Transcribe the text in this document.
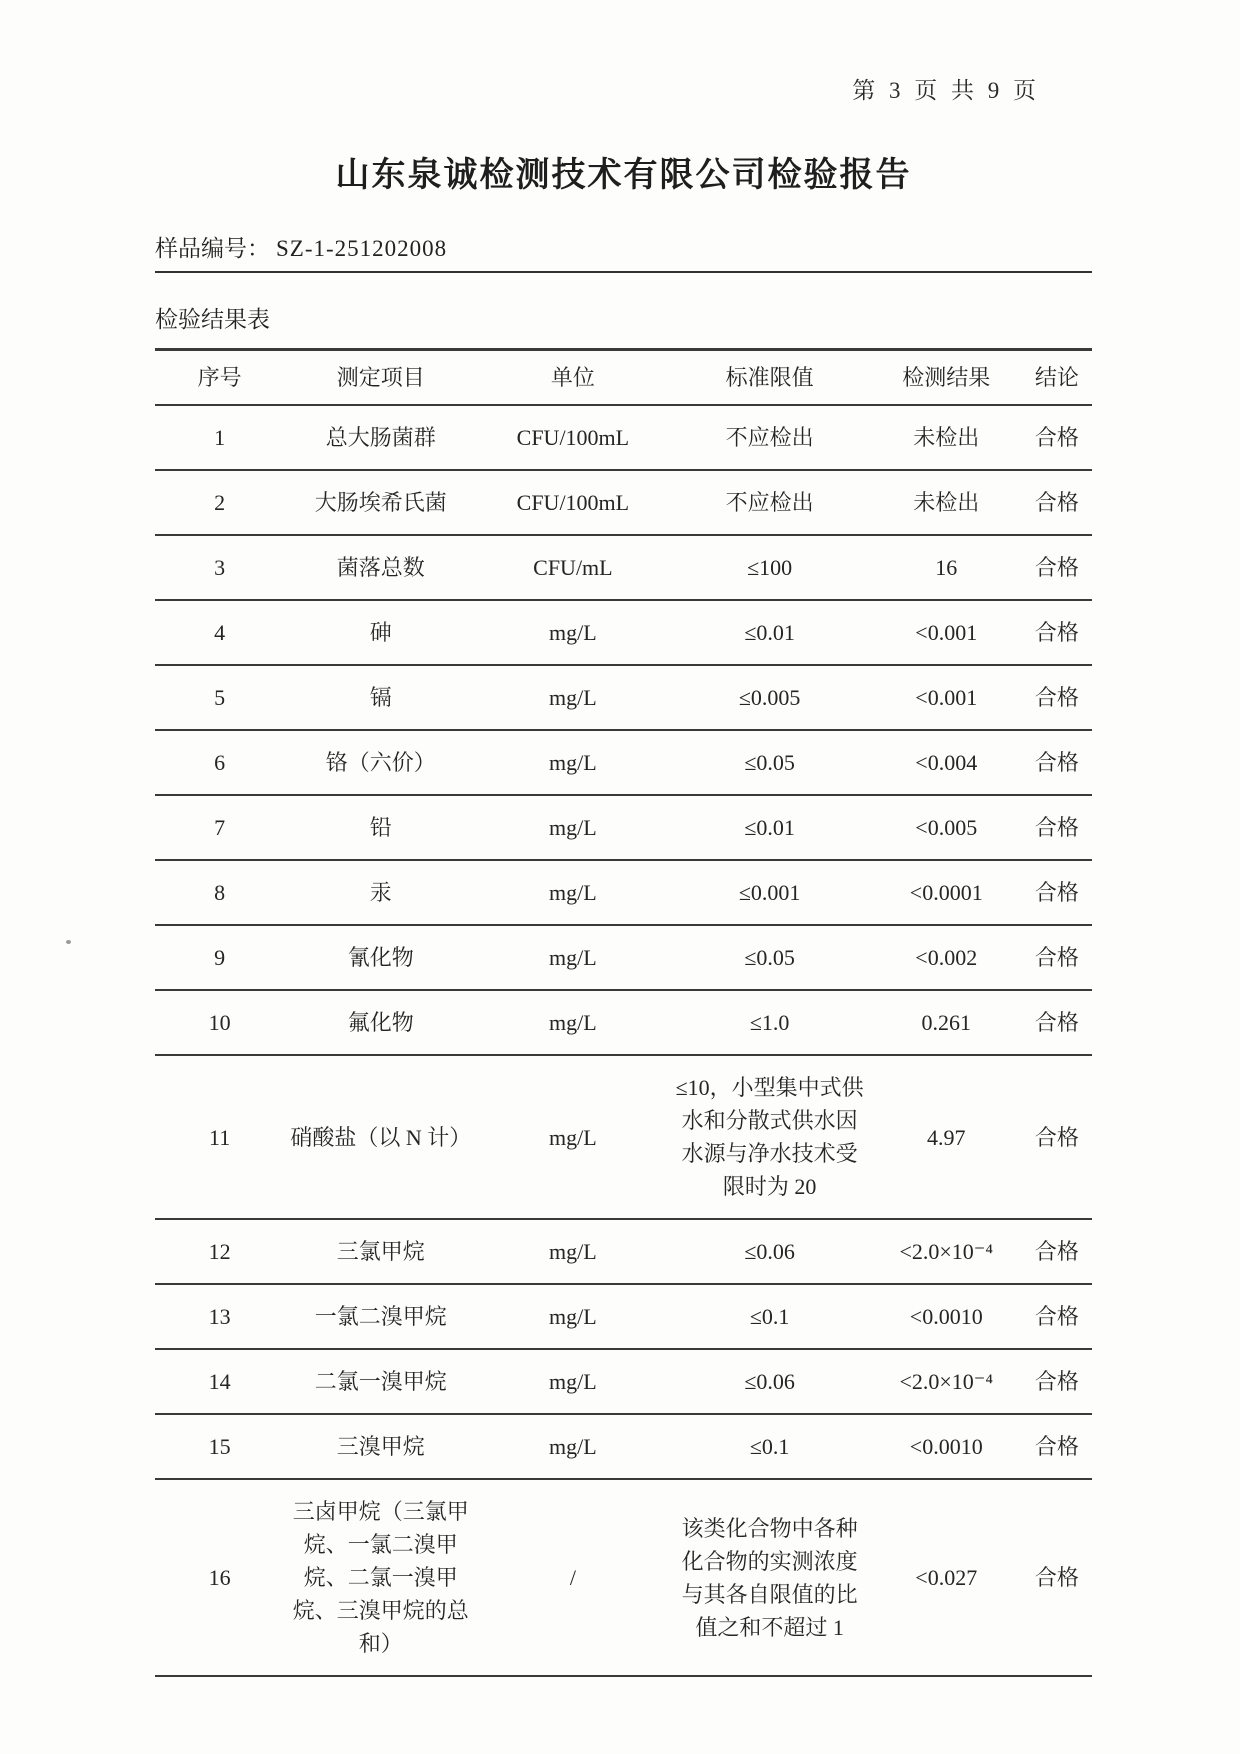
第 3 页 共 9 页
山东泉诚检测技术有限公司检验报告
样品编号： SZ-1-251202008
检验结果表
序号	测定项目	单位	标准限值	检测结果	结论
1	总大肠菌群	CFU/100mL	不应检出	未检出	合格
2	大肠埃希氏菌	CFU/100mL	不应检出	未检出	合格
3	菌落总数	CFU/mL	≤100	16	合格
4	砷	mg/L	≤0.01	<0.001	合格
5	镉	mg/L	≤0.005	<0.001	合格
6	铬（六价）	mg/L	≤0.05	<0.004	合格
7	铅	mg/L	≤0.01	<0.005	合格
8	汞	mg/L	≤0.001	<0.0001	合格
9	氰化物	mg/L	≤0.05	<0.002	合格
10	氟化物	mg/L	≤1.0	0.261	合格
11	硝酸盐（以 N 计）	mg/L	≤10，小型集中式供水和分散式供水因水源与净水技术受限时为 20	4.97	合格
12	三氯甲烷	mg/L	≤0.06	<2.0×10⁻⁴	合格
13	一氯二溴甲烷	mg/L	≤0.1	<0.0010	合格
14	二氯一溴甲烷	mg/L	≤0.06	<2.0×10⁻⁴	合格
15	三溴甲烷	mg/L	≤0.1	<0.0010	合格
16	三卤甲烷（三氯甲烷、一氯二溴甲烷、二氯一溴甲烷、三溴甲烷的总和）	/	该类化合物中各种化合物的实测浓度与其各自限值的比值之和不超过 1	<0.027	合格
